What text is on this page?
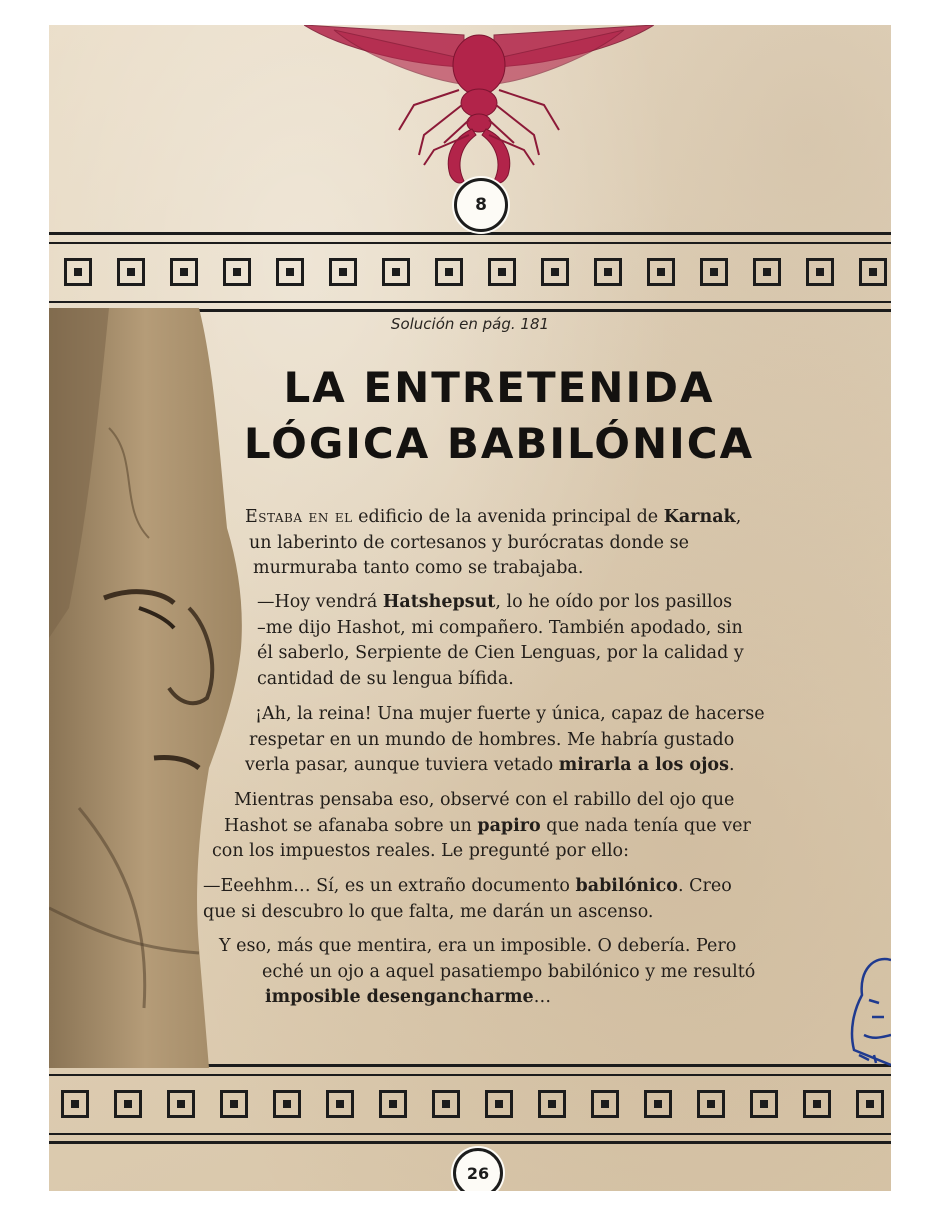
8
Solución en pág. 181
LA ENTRETENIDA
LÓGICA BABILÓNICA
Estaba en el edificio de la avenida principal de Karnak,
un laberinto de cortesanos y burócratas donde se
murmuraba tanto como se trabajaba.
—Hoy vendrá Hatshepsut, lo he oído por los pasillos
–me dijo Hashot, mi compañero. También apodado, sin
él saberlo, Serpiente de Cien Lenguas, por la calidad y
cantidad de su lengua bífida.
¡Ah, la reina! Una mujer fuerte y única, capaz de hacerse
respetar en un mundo de hombres. Me habría gustado
verla pasar, aunque tuviera vetado mirarla a los ojos.
Mientras pensaba eso, observé con el rabillo del ojo que
Hashot se afanaba sobre un papiro que nada tenía que ver
con los impuestos reales. Le pregunté por ello:
—Eeehhm… Sí, es un extraño documento babilónico. Creo
que si descubro lo que falta, me darán un ascenso.
Y eso, más que mentira, era un imposible. O debería. Pero
eché un ojo a aquel pasatiempo babilónico y me resultó
imposible desengancharme…
26
